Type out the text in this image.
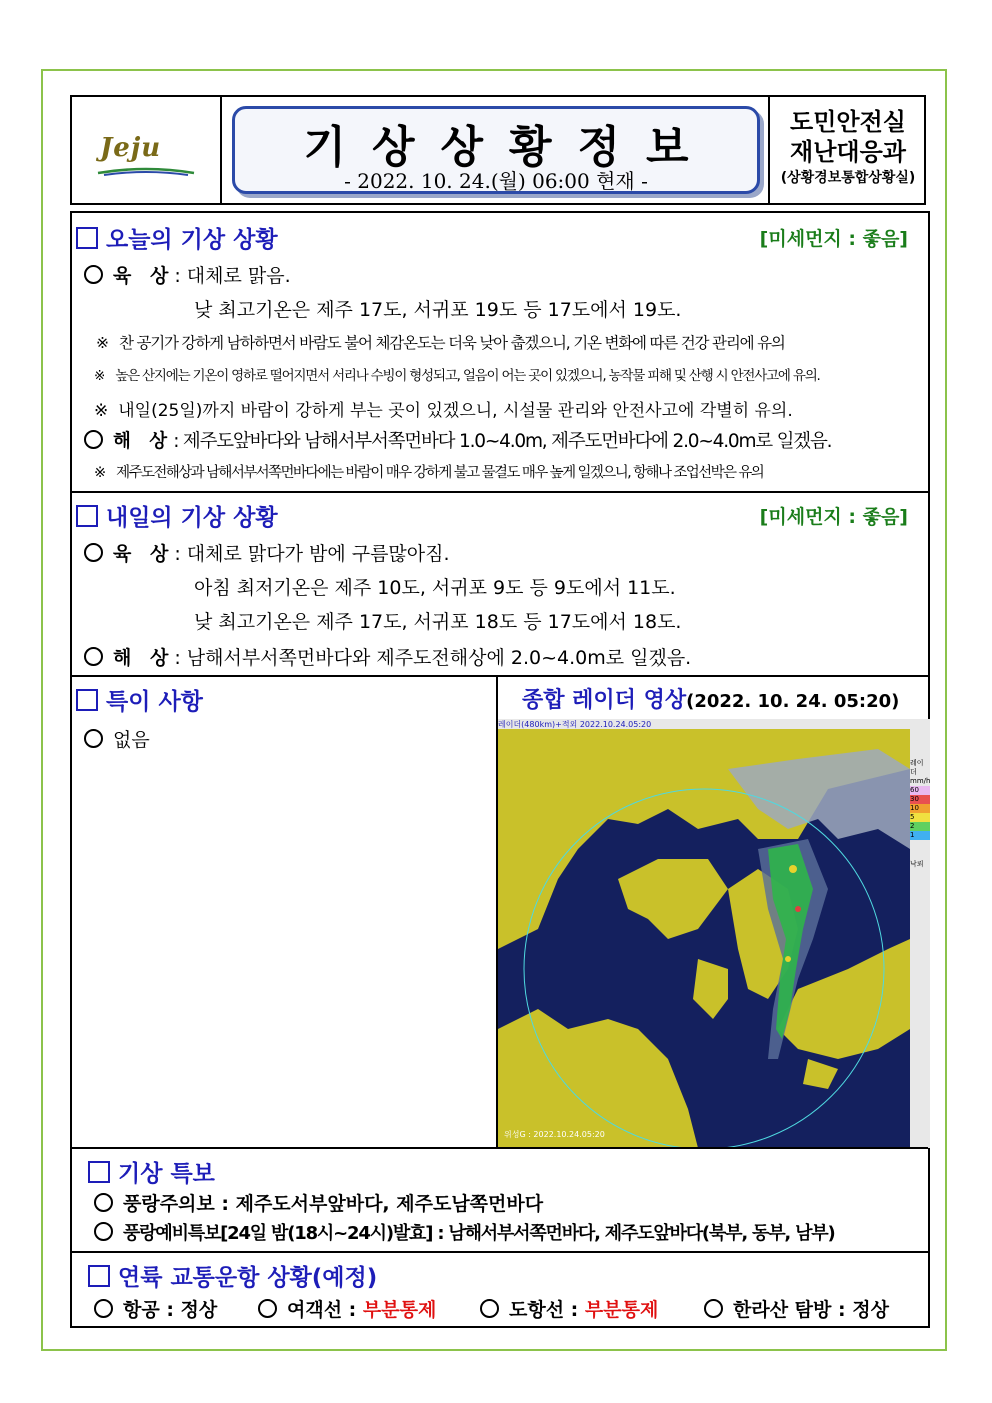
Jeju	기상상황정보
- 2022. 10. 24.(월) 06:00 현재 -
도민안전실
재난대응과
(상황경보통합상황실)
오늘의 기상 상황	[미세먼지 : 좋음]
육 상: 대체로 맑음.
낮 최고기온은 제주 17도, 서귀포 19도 등 17도에서 19도.
※ 찬 공기가 강하게 남하하면서 바람도 불어 체감온도는 더욱 낮아 춥겠으니, 기온 변화에 따른 건강 관리에 유의
※ 높은 산지에는 기온이 영하로 떨어지면서 서리나 수빙이 형성되고, 얼음이 어는 곳이 있겠으니, 농작물 피해 및 산행 시 안전사고에 유의.
※ 내일(25일)까지 바람이 강하게 부는 곳이 있겠으니, 시설물 관리와 안전사고에 각별히 유의.
해 상: 제주도앞바다와 남해서부서쪽먼바다 1.0~4.0m, 제주도먼바다에 2.0~4.0m로 일겠음.
※ 제주도전해상과 남해서부서쪽먼바다에는 바람이 매우 강하게 불고 물결도 매우 높게 일겠으니, 항해나 조업선박은 유의
내일의 기상 상황	[미세먼지 : 좋음]
육 상: 대체로 맑다가 밤에 구름많아짐.
아침 최저기온은 제주 10도, 서귀포 9도 등 9도에서 11도.
낮 최고기온은 제주 17도, 서귀포 18도 등 17도에서 18도.
해 상: 남해서부서쪽먼바다와 제주도전해상에 2.0~4.0m로 일겠음.
특이 사항
없음
종합 레이더 영상(2022. 10. 24. 05:20)
레이더(480km)+적외 2022.10.24.05:20
레이더
mm/h
60
30
10
5
2
1
낙뢰
위성G : 2022.10.24.05:20
기상 특보
풍랑주의보 : 제주도서부앞바다, 제주도남쪽먼바다
풍랑예비특보[24일 밤(18시~24시)발효] : 남해서부서쪽먼바다, 제주도앞바다(북부, 동부, 남부)
연륙 교통운항 상황(예정)
항공 : 정상	여객선 : 부분통제	도항선 : 부분통제	한라산 탐방 : 정상
